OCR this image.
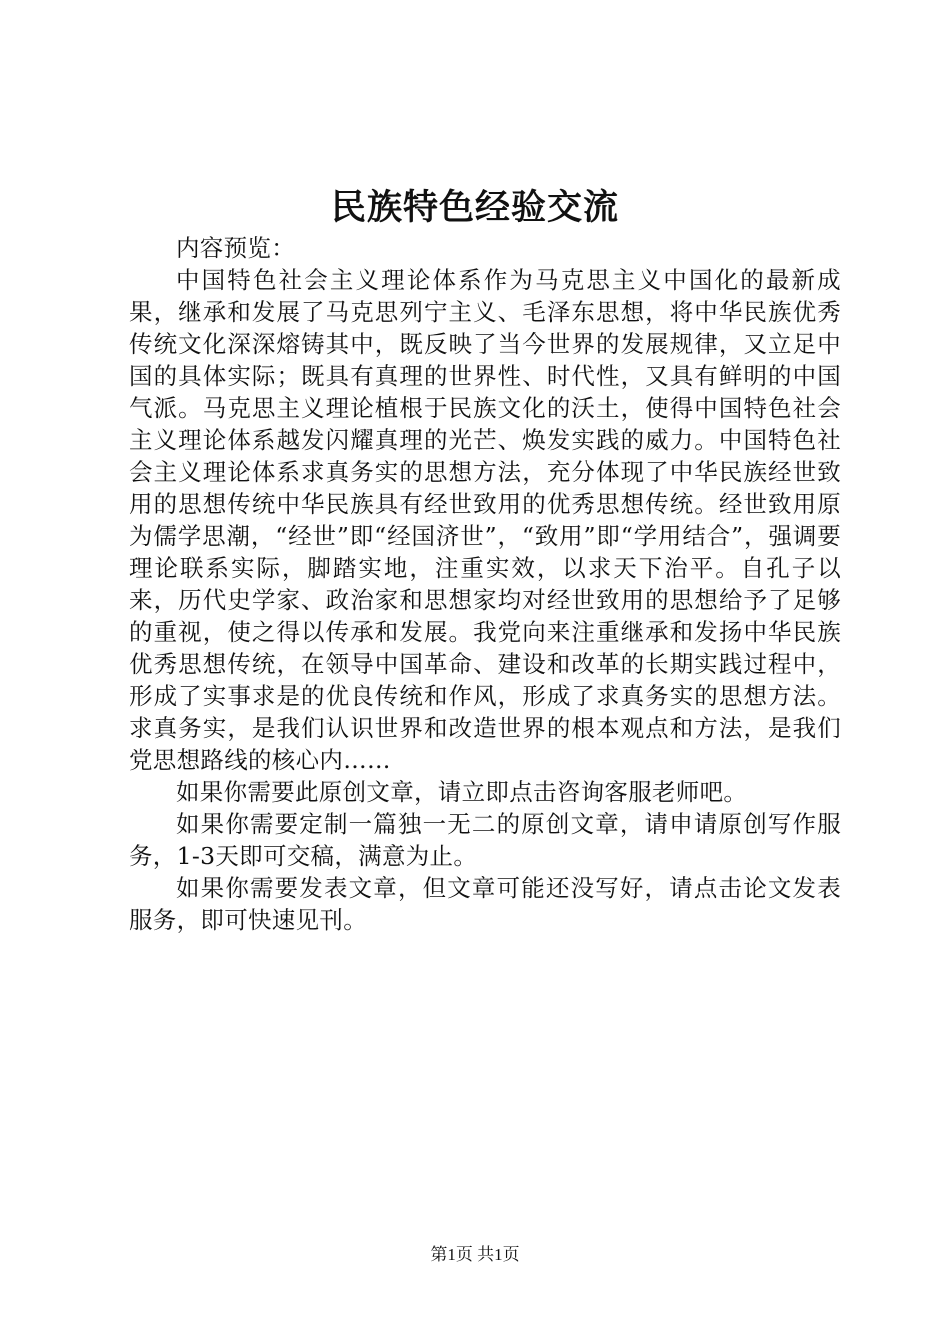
民族特色经验交流

内容预览：

中国特色社会主义理论体系作为马克思主义中国化的最新成果，继承和发展了马克思列宁主义、毛泽东思想，将中华民族优秀传统文化深深熔铸其中，既反映了当今世界的发展规律，又立足中国的具体实际；既具有真理的世界性、时代性，又具有鲜明的中国气派。马克思主义理论植根于民族文化的沃土，使得中国特色社会主义理论体系越发闪耀真理的光芒、焕发实践的威力。中国特色社会主义理论体系求真务实的思想方法，充分体现了中华民族经世致用的思想传统中华民族具有经世致用的优秀思想传统。经世致用原为儒学思潮，“经世”即“经国济世”，“致用”即“学用结合”，强调要理论联系实际，脚踏实地，注重实效，以求天下治平。自孔子以来，历代史学家、政治家和思想家均对经世致用的思想给予了足够的重视，使之得以传承和发展。我党向来注重继承和发扬中华民族优秀思想传统，在领导中国革命、建设和改革的长期实践过程中，形成了实事求是的优良传统和作风，形成了求真务实的思想方法。求真务实，是我们认识世界和改造世界的根本观点和方法，是我们党思想路线的核心内……

如果你需要此原创文章，请立即点击咨询客服老师吧。

如果你需要定制一篇独一无二的原创文章，请申请原创写作服务，1-3天即可交稿，满意为止。

如果你需要发表文章，但文章可能还没写好，请点击论文发表服务，即可快速见刊。

第1页 共1页
